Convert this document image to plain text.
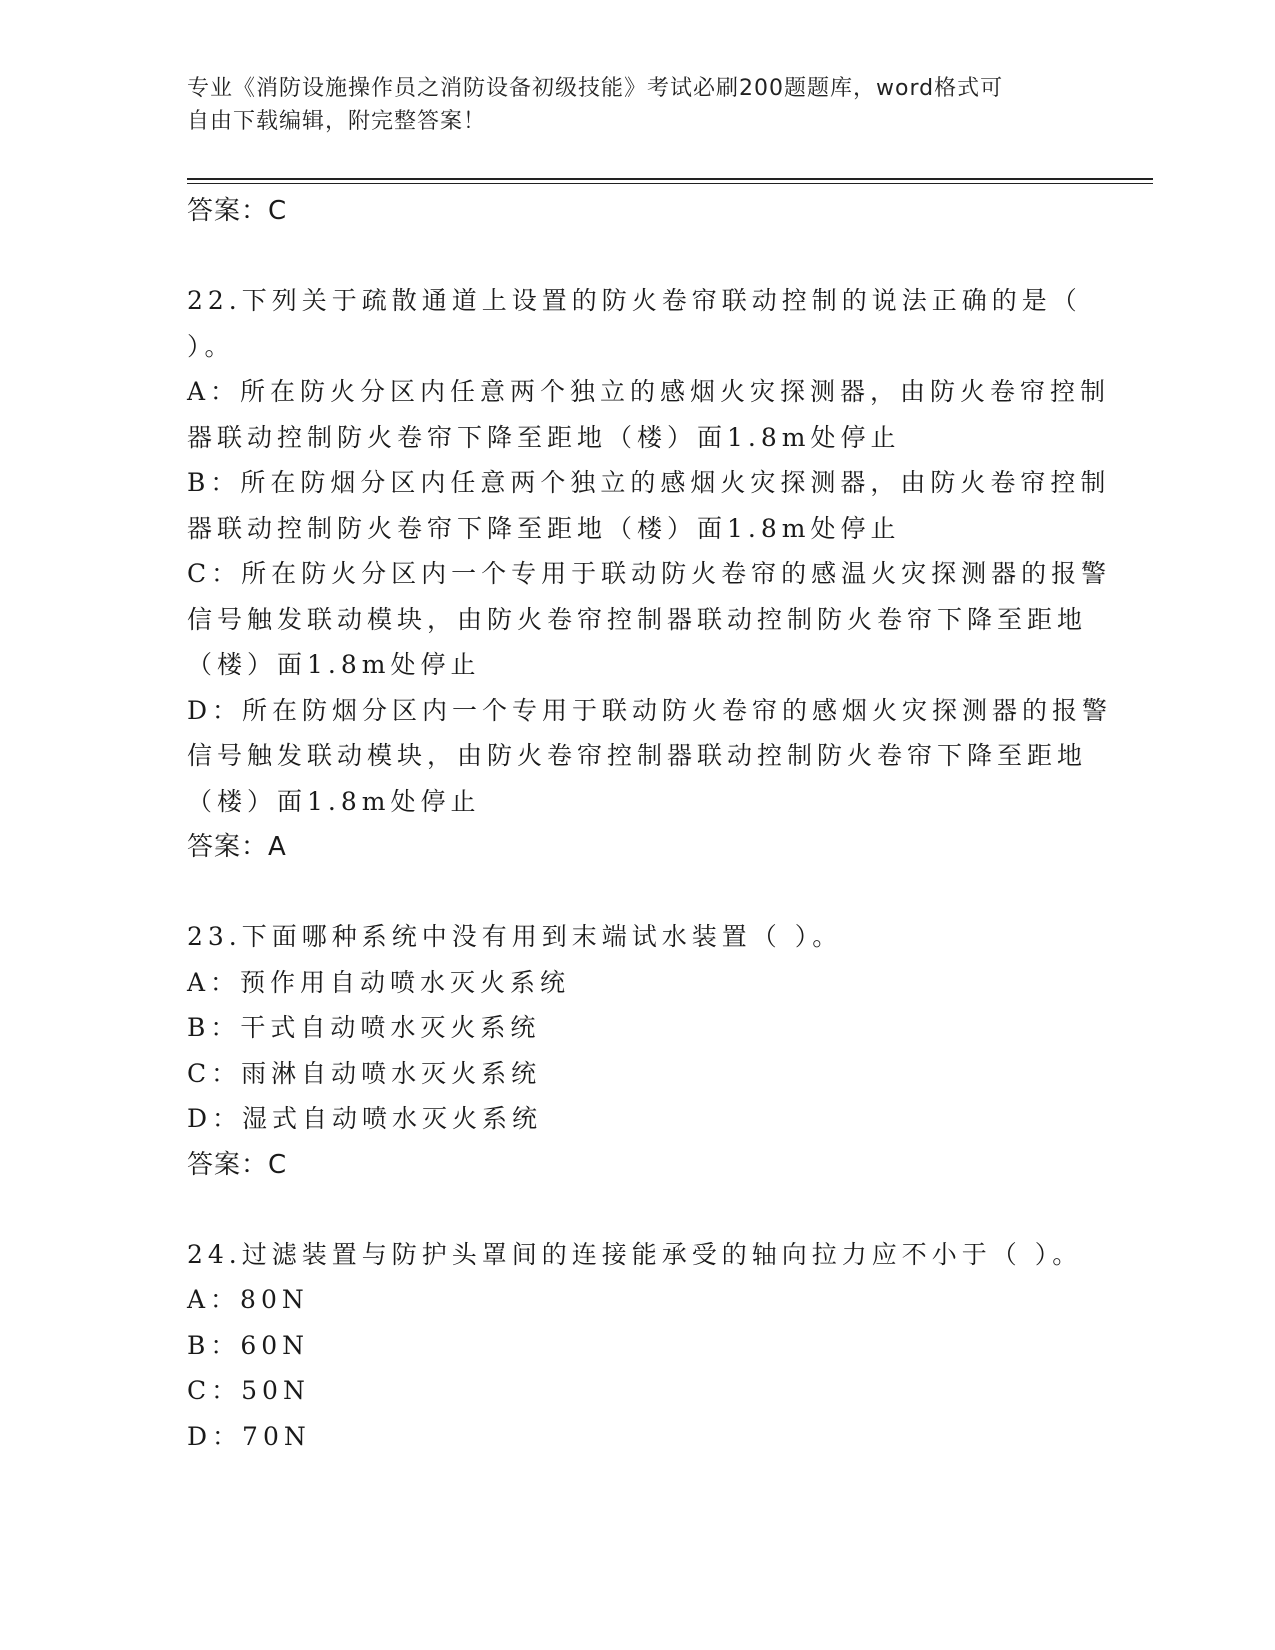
专业《消防设施操作员之消防设备初级技能》考试必刷200题题库，word格式可
自由下载编辑，附完整答案！

答案：C

22.下列关于疏散通道上设置的防火卷帘联动控制的说法正确的是（ ）。

A：所在防火分区内任意两个独立的感烟火灾探测器，由防火卷帘控制器联动控制防火卷帘下降至距地（楼）面1.8m处停止

B：所在防烟分区内任意两个独立的感烟火灾探测器，由防火卷帘控制器联动控制防火卷帘下降至距地（楼）面1.8m处停止

C：所在防火分区内一个专用于联动防火卷帘的感温火灾探测器的报警信号触发联动模块，由防火卷帘控制器联动控制防火卷帘下降至距地（楼）面1.8m处停止

D：所在防烟分区内一个专用于联动防火卷帘的感烟火灾探测器的报警信号触发联动模块，由防火卷帘控制器联动控制防火卷帘下降至距地（楼）面1.8m处停止

答案：A

23.下面哪种系统中没有用到末端试水装置（ ）。

A：预作用自动喷水灭火系统

B：干式自动喷水灭火系统

C：雨淋自动喷水灭火系统

D：湿式自动喷水灭火系统

答案：C

24.过滤装置与防护头罩间的连接能承受的轴向拉力应不小于（ ）。

A：80N

B：60N

C：50N

D：70N
